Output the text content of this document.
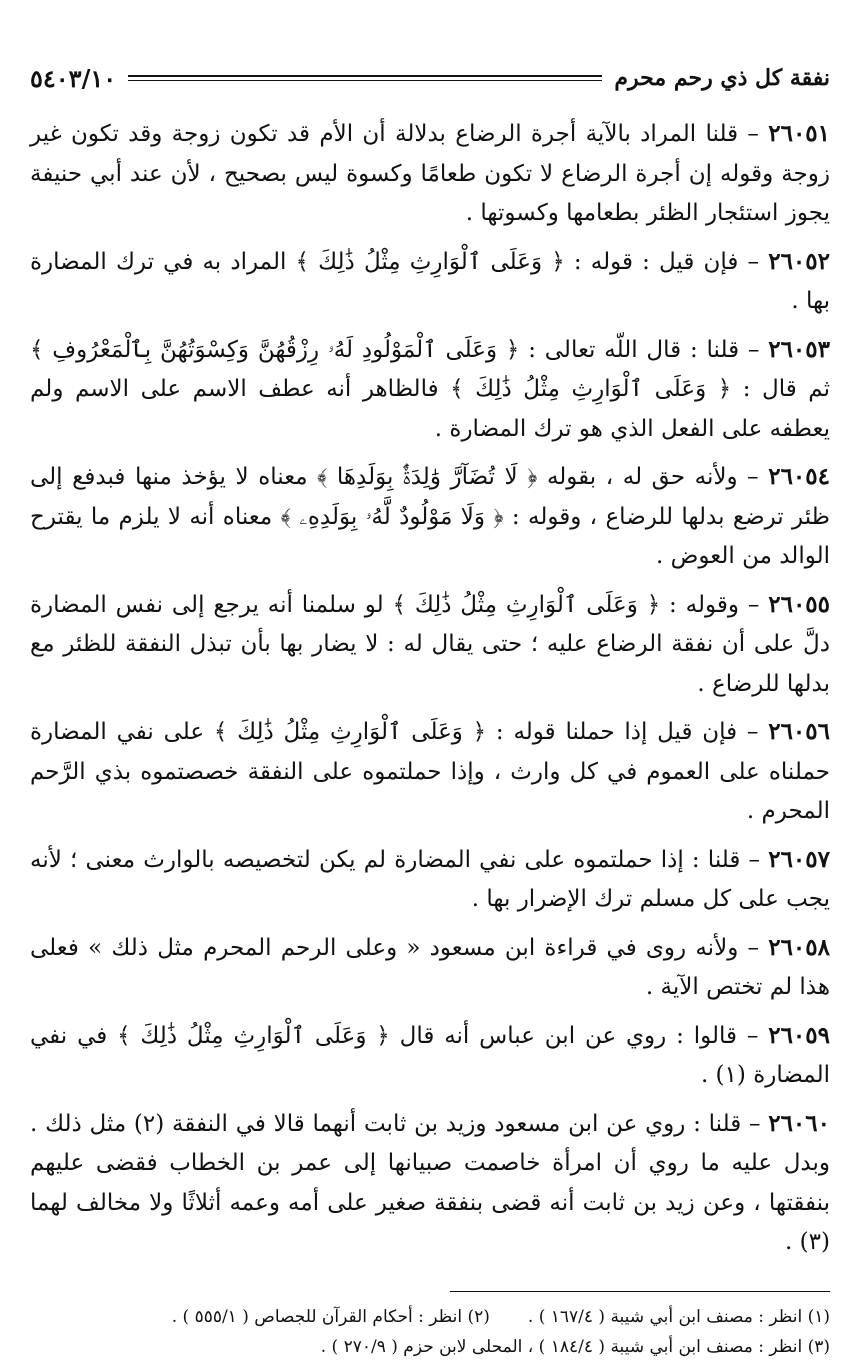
نفقة كل ذي رحم محرم
٥٤٠٣/١٠

٢٦٠٥١ – قلنا المراد بالآية أجرة الرضاع بدلالة أن الأم قد تكون زوجة وقد تكون غير زوجة وقوله إن أجرة الرضاع لا تكون طعامًا وكسوة ليس بصحيح ، لأن عند أبي حنيفة يجوز استئجار الظئر بطعامها وكسوتها .

٢٦٠٥٢ – فإن قيل : قوله : ﴿ وَعَلَى ٱلْوَارِثِ مِثْلُ ذَٰلِكَ ﴾ المراد به في ترك المضارة بها .

٢٦٠٥٣ – قلنا : قال اللّه تعالى : ﴿ وَعَلَى ٱلْمَوْلُودِ لَهُۥ رِزْقُهُنَّ وَكِسْوَتُهُنَّ بِٱلْمَعْرُوفِ ﴾ ثم قال : ﴿ وَعَلَى ٱلْوَارِثِ مِثْلُ ذَٰلِكَ ﴾ فالظاهر أنه عطف الاسم على الاسم ولم يعطفه على الفعل الذي هو ترك المضارة .

٢٦٠٥٤ – ولأنه حق له ، بقوله ﴿ لَا تُضَآرَّ وَٰلِدَةٌۢ بِوَلَدِهَا ﴾ معناه لا يؤخذ منها فبدفع إلى ظئر ترضع بدلها للرضاع ، وقوله : ﴿ وَلَا مَوْلُودٌ لَّهُۥ بِوَلَدِهِۦ ﴾ معناه أنه لا يلزم ما يقترح الوالد من العوض .

٢٦٠٥٥ – وقوله : ﴿ وَعَلَى ٱلْوَارِثِ مِثْلُ ذَٰلِكَ ﴾ لو سلمنا أنه يرجع إلى نفس المضارة دلَّ على أن نفقة الرضاع عليه ؛ حتى يقال له : لا يضار بها بأن تبذل النفقة للظئر مع بدلها للرضاع .

٢٦٠٥٦ – فإن قيل إذا حملنا قوله : ﴿ وَعَلَى ٱلْوَارِثِ مِثْلُ ذَٰلِكَ ﴾ على نفي المضارة حملناه على العموم في كل وارث ، وإذا حملتموه على النفقة خصصتموه بذي الرَّحم المحرم .

٢٦٠٥٧ – قلنا : إذا حملتموه على نفي المضارة لم يكن لتخصيصه بالوارث معنى ؛ لأنه يجب على كل مسلم ترك الإضرار بها .

٢٦٠٥٨ – ولأنه روى في قراءة ابن مسعود « وعلى الرحم المحرم مثل ذلك » فعلى هذا لم تختص الآية .

٢٦٠٥٩ – قالوا : روي عن ابن عباس أنه قال ﴿ وَعَلَى ٱلْوَارِثِ مِثْلُ ذَٰلِكَ ﴾ في نفي المضارة (١) .

٢٦٠٦٠ – قلنا : روي عن ابن مسعود وزيد بن ثابت أنهما قالا في النفقة (٢) مثل ذلك . وبدل عليه ما روي أن امرأة خاصمت صبيانها إلى عمر بن الخطاب فقضى عليهم بنفقتها ، وعن زيد بن ثابت أنه قضى بنفقة صغير على أمه وعمه أثلاثًا ولا مخالف لهما (٣) .

(١) انظر : مصنف ابن أبي شيبة ( ١٦٧/٤ ) .(٢) انظر : أحكام القرآن للجصاص ( ٥٥٥/١ ) .
(٣) انظر : مصنف ابن أبي شيبة ( ١٨٤/٤ ) ، المحلى لابن حزم ( ٢٧٠/٩ ) .
